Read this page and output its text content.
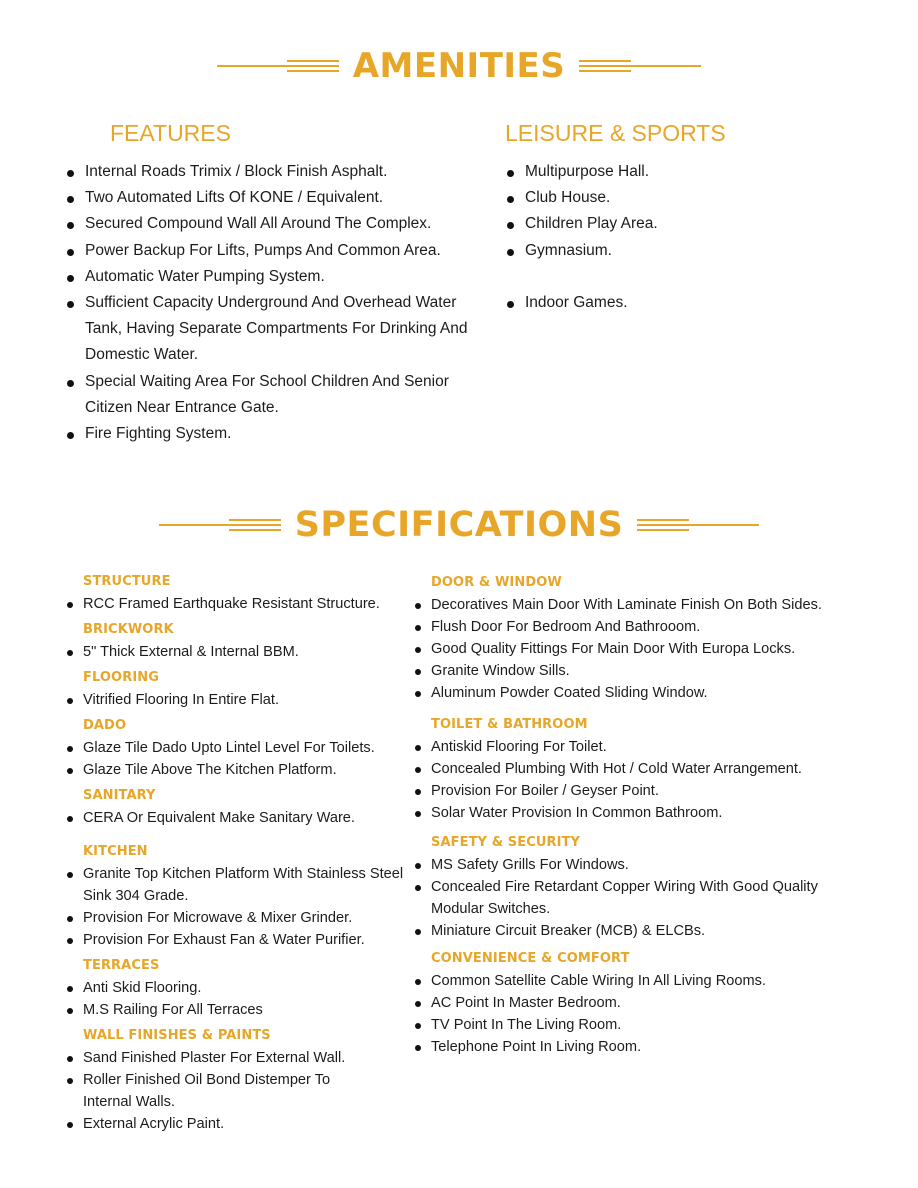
AMENITIES
FEATURES	LEISURE & SPORTS
Internal Roads Trimix / Block Finish Asphalt.
Two Automated Lifts Of KONE / Equivalent.
Secured Compound Wall All Around The Complex.
Power Backup For Lifts, Pumps And Common Area.
Automatic Water Pumping System.
Sufficient Capacity Underground And Overhead Water Tank, Having Separate Compartments For Drinking And Domestic Water.
Special Waiting Area For School Children And Senior Citizen Near Entrance Gate.
Fire Fighting System.
Multipurpose Hall.
Club House.
Children Play Area.
Gymnasium.
Indoor Games.
SPECIFICATIONS
STRUCTURE
RCC Framed Earthquake Resistant Structure.
BRICKWORK
5" Thick External & Internal BBM.
FLOORING
Vitrified Flooring In Entire Flat.
DADO
Glaze Tile Dado Upto Lintel Level For Toilets.
Glaze Tile Above The Kitchen Platform.
SANITARY
CERA Or Equivalent Make Sanitary Ware.
KITCHEN
Granite Top Kitchen Platform With Stainless Steel Sink 304 Grade.
Provision For Microwave & Mixer Grinder.
Provision For Exhaust Fan & Water Purifier.
TERRACES
Anti Skid Flooring.
M.S Railing For All Terraces
WALL FINISHES & PAINTS
Sand Finished Plaster For External Wall.
Roller Finished Oil Bond Distemper To Internal Walls.
External Acrylic Paint.
DOOR & WINDOW
Decoratives Main Door With Laminate Finish On Both Sides.
Flush Door For Bedroom And Bathrooom.
Good Quality Fittings For Main Door With Europa Locks.
Granite Window Sills.
Aluminum Powder Coated Sliding Window.
TOILET & BATHROOM
Antiskid Flooring For Toilet.
Concealed Plumbing With Hot / Cold Water Arrangement.
Provision For Boiler / Geyser Point.
Solar Water Provision In Common Bathroom.
SAFETY & SECURITY
MS Safety Grills For Windows.
Concealed Fire Retardant Copper Wiring With Good Quality Modular Switches.
Miniature Circuit Breaker (MCB) & ELCBs.
CONVENIENCE & COMFORT
Common Satellite Cable Wiring In All Living Rooms.
AC Point In Master Bedroom.
TV Point In The Living Room.
Telephone Point In Living Room.
